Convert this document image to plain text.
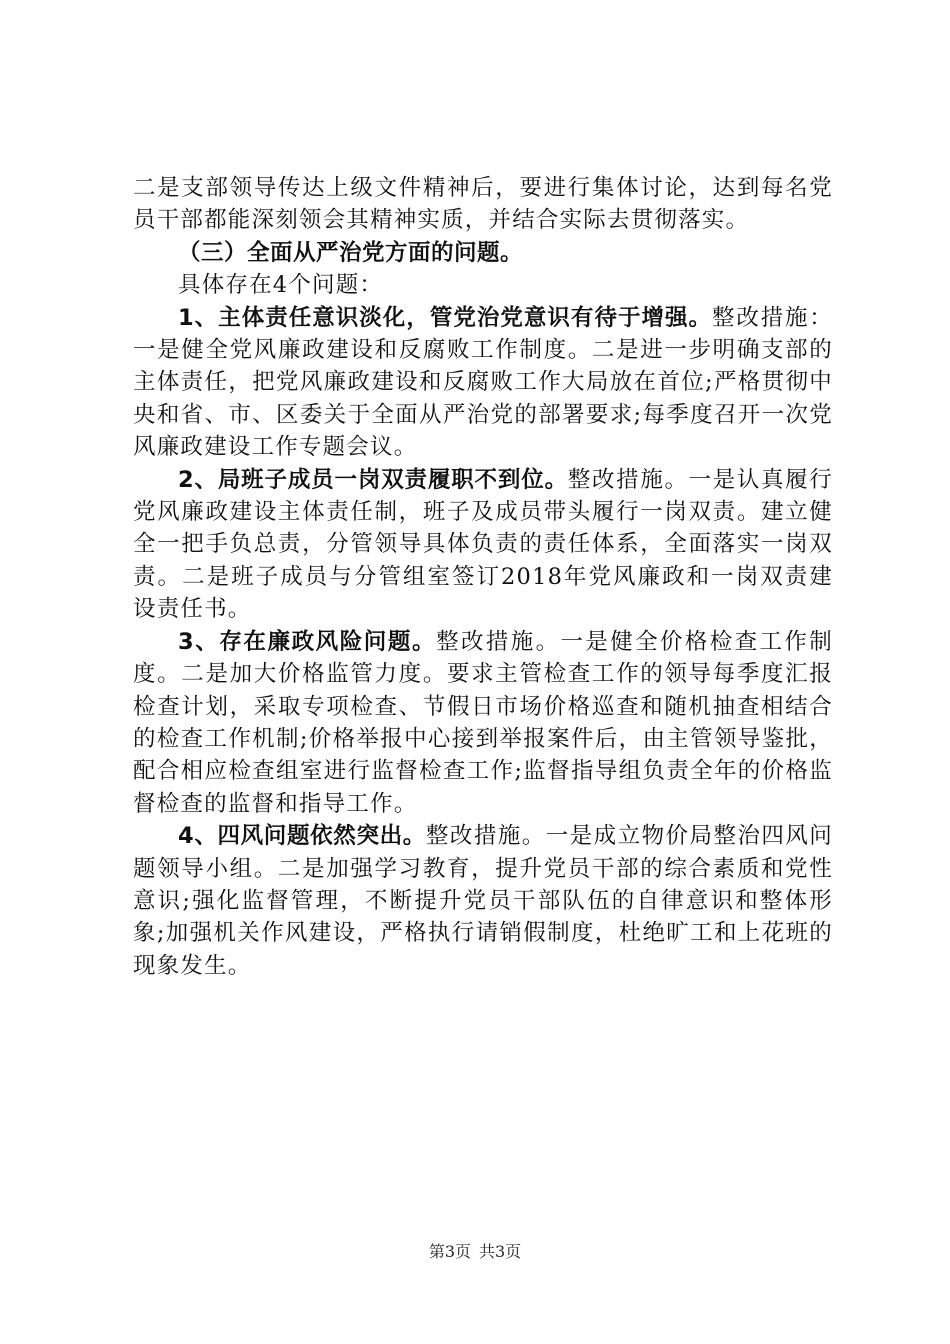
二是支部领导传达上级文件精神后，要进行集体讨论，达到每名党员干部都能深刻领会其精神实质，并结合实际去贯彻落实。

（三）全面从严治党方面的问题。

具体存在4个问题：

1、主体责任意识淡化，管党治党意识有待于增强。整改措施：一是健全党风廉政建设和反腐败工作制度。二是进一步明确支部的主体责任，把党风廉政建设和反腐败工作大局放在首位;严格贯彻中央和省、市、区委关于全面从严治党的部署要求;每季度召开一次党风廉政建设工作专题会议。

2、局班子成员一岗双责履职不到位。整改措施。一是认真履行党风廉政建设主体责任制，班子及成员带头履行一岗双责。建立健全一把手负总责，分管领导具体负责的责任体系，全面落实一岗双责。二是班子成员与分管组室签订2018年党风廉政和一岗双责建设责任书。

3、存在廉政风险问题。整改措施。一是健全价格检查工作制度。二是加大价格监管力度。要求主管检查工作的领导每季度汇报检查计划，采取专项检查、节假日市场价格巡查和随机抽查相结合的检查工作机制;价格举报中心接到举报案件后，由主管领导鉴批，配合相应检查组室进行监督检查工作;监督指导组负责全年的价格监督检查的监督和指导工作。

4、四风问题依然突出。整改措施。一是成立物价局整治四风问题领导小组。二是加强学习教育，提升党员干部的综合素质和党性意识;强化监督管理，不断提升党员干部队伍的自律意识和整体形象;加强机关作风建设，严格执行请销假制度，杜绝旷工和上花班的现象发生。

第3页 共3页
